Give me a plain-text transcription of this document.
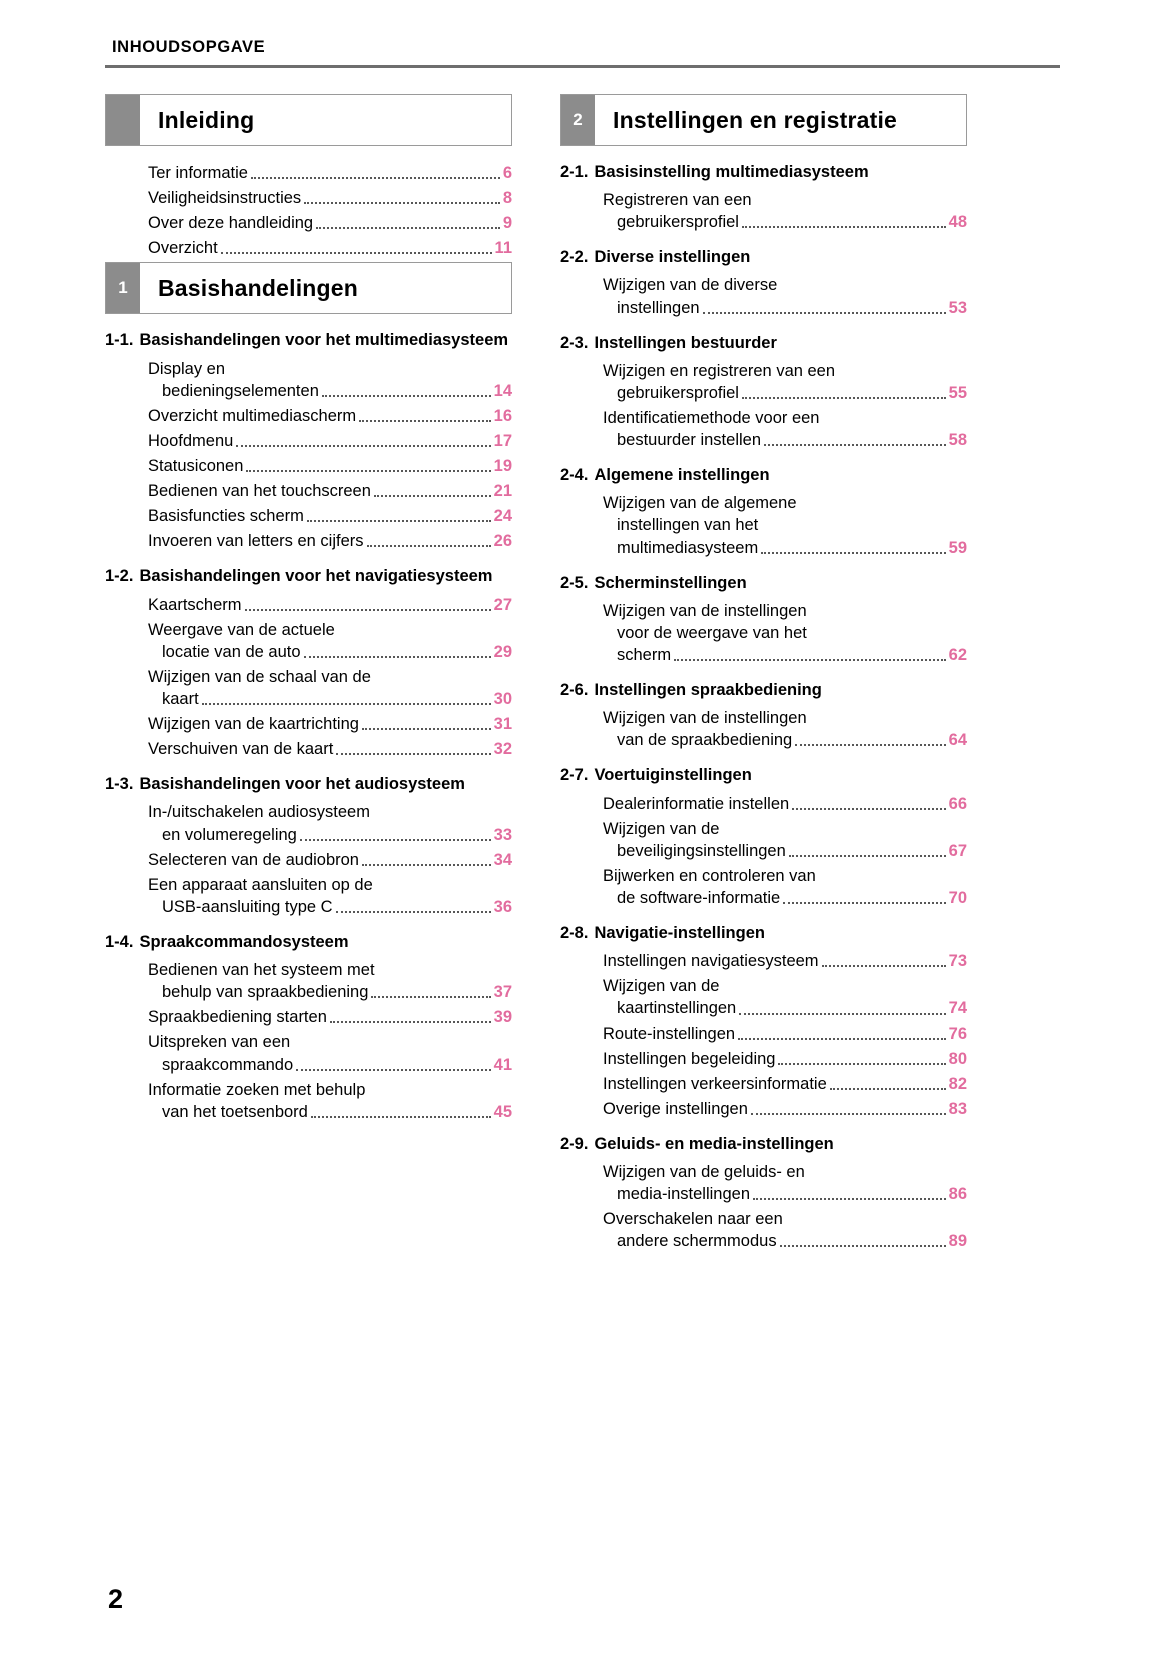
INHOUDSOPGAVE
Inleiding
Ter informatie	6
Veiligheidsinstructies	8
Over deze handleiding	9
Overzicht	11
1	Basishandelingen
1-1. Basishandelingen voor het multimediasysteem
Display en
bedieningselementen	14
Overzicht multimediascherm	16
Hoofdmenu	17
Statusiconen	19
Bedienen van het touchscreen	21
Basisfuncties scherm	24
Invoeren van letters en cijfers	26
1-2. Basishandelingen voor het navigatiesysteem
Kaartscherm	27
Weergave van de actuele
locatie van de auto	29
Wijzigen van de schaal van de
kaart	30
Wijzigen van de kaartrichting	31
Verschuiven van de kaart	32
1-3. Basishandelingen voor het audiosysteem
In-/uitschakelen audiosysteem
en volumeregeling	33
Selecteren van de audiobron	34
Een apparaat aansluiten op de
USB-aansluiting type C	36
1-4. Spraakcommandosysteem
Bedienen van het systeem met
behulp van spraakbediening	37
Spraakbediening starten	39
Uitspreken van een
spraakcommando	41
Informatie zoeken met behulp
van het toetsenbord	45
2	Instellingen en registratie
2-1. Basisinstelling multimediasysteem
Registreren van een
gebruikersprofiel	48
2-2. Diverse instellingen
Wijzigen van de diverse
instellingen	53
2-3. Instellingen bestuurder
Wijzigen en registreren van een
gebruikersprofiel	55
Identificatiemethode voor een
bestuurder instellen	58
2-4. Algemene instellingen
Wijzigen van de algemene
instellingen van het
multimediasysteem	59
2-5. Scherminstellingen
Wijzigen van de instellingen
voor de weergave van het
scherm	62
2-6. Instellingen spraakbediening
Wijzigen van de instellingen
van de spraakbediening	64
2-7. Voertuiginstellingen
Dealerinformatie instellen	66
Wijzigen van de
beveiligingsinstellingen	67
Bijwerken en controleren van
de software-informatie	70
2-8. Navigatie-instellingen
Instellingen navigatiesysteem	73
Wijzigen van de
kaartinstellingen	74
Route-instellingen	76
Instellingen begeleiding	80
Instellingen verkeersinformatie	82
Overige instellingen	83
2-9. Geluids- en media-instellingen
Wijzigen van de geluids- en
media-instellingen	86
Overschakelen naar een
andere schermmodus	89
2
